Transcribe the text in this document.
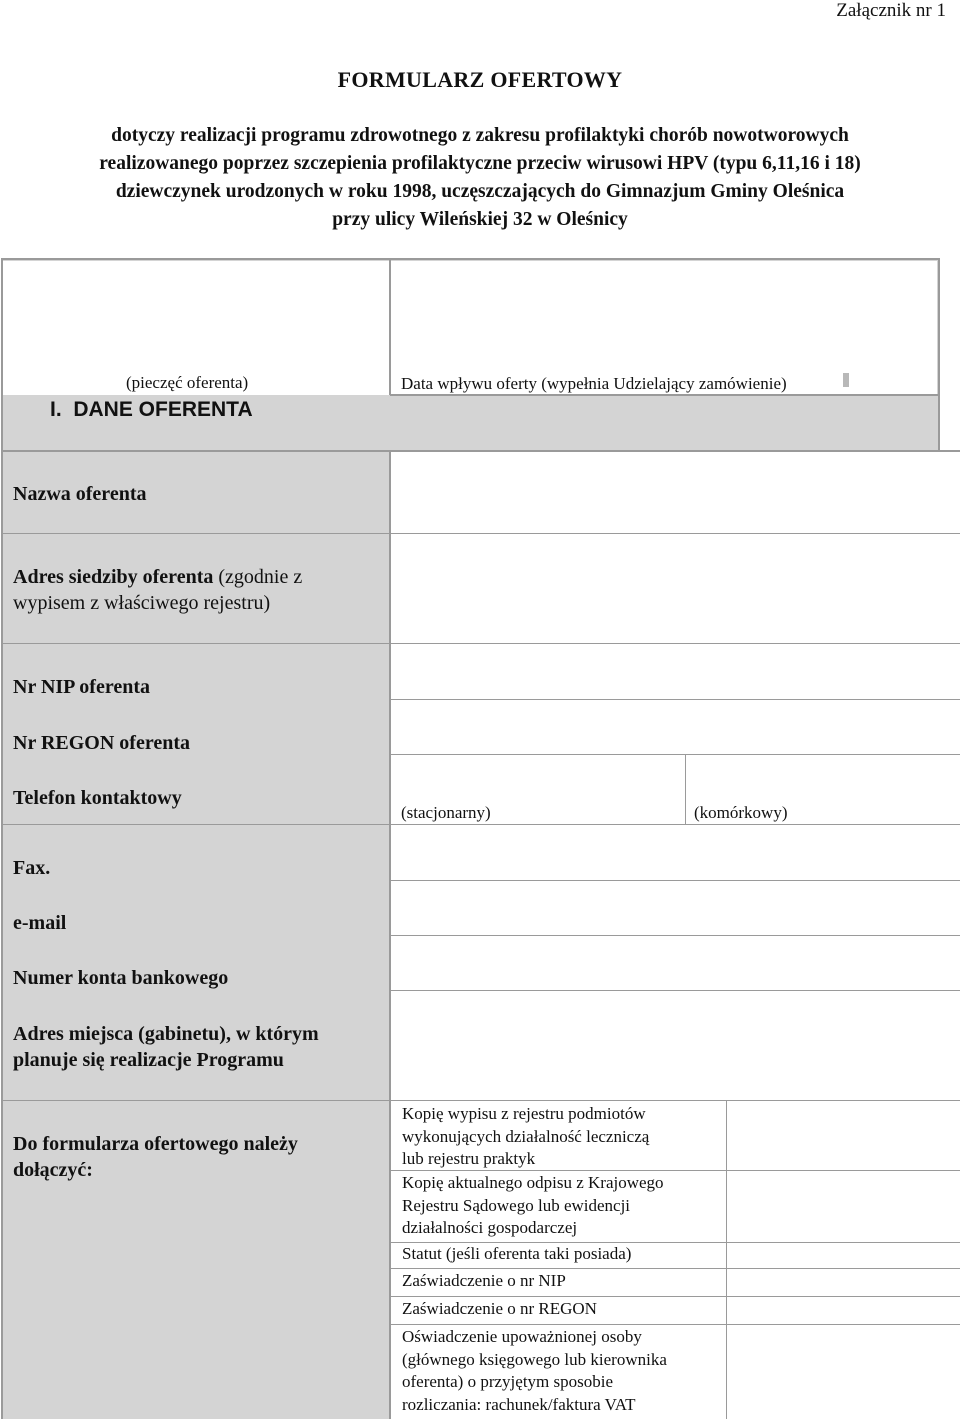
Załącznik nr 1
FORMULARZ OFERTOWY
dotyczy realizacji programu zdrowotnego z zakresu profilaktyki chorób nowotworowych
realizowanego poprzez szczepienia profilaktyczne przeciw wirusowi HPV (typu 6,11,16 i 18)
dziewczynek urodzonych w roku 1998, uczęszczających do Gimnazjum Gminy Oleśnica
przy ulicy Wileńskiej 32 w Oleśnicy
(pieczęć oferenta)	Data wpływu oferty (wypełnia Udzielający zamówienie)
I.  DANE OFERENTA
Nazwa oferenta
Adres siedziby oferenta (zgodnie z
wypisem z właściwego rejestru)
Nr NIP oferenta
Nr REGON oferenta
Telefon kontaktowy
(stacjonarny)	(komórkowy)
Fax.
e-mail
Numer konta bankowego
Adres miejsca (gabinetu), w którym
planuje się realizacje Programu
Do formularza ofertowego należy
dołączyć:
Kopię wypisu z rejestru podmiotów
wykonujących działalność leczniczą
lub rejestru praktyk
Kopię aktualnego odpisu z Krajowego
Rejestru Sądowego lub ewidencji
działalności gospodarczej
Statut (jeśli oferenta taki posiada)
Zaświadczenie o nr NIP
Zaświadczenie o nr REGON
Oświadczenie upoważnionej osoby
(głównego księgowego lub kierownika
oferenta) o przyjętym sposobie
rozliczania: rachunek/faktura VAT
